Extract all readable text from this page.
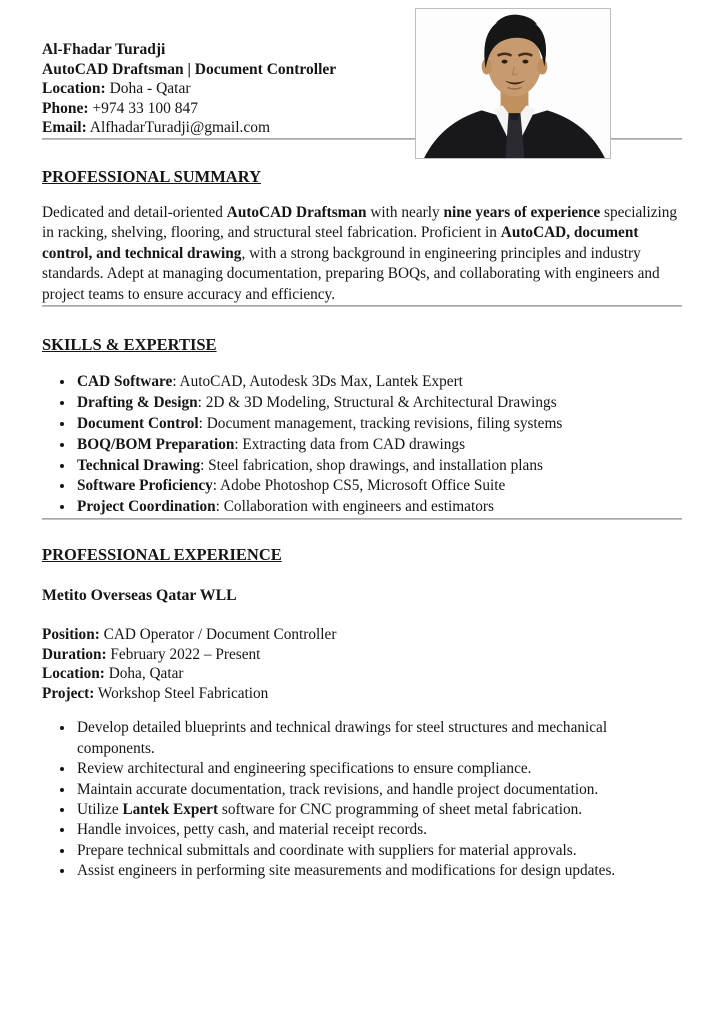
Al-Fhadar Turadji
AutoCAD Draftsman | Document Controller
Location: Doha - Qatar
Phone: +974 33 100 847
Email: AlfhadarTuradji@gmail.com
PROFESSIONAL SUMMARY

Dedicated and detail-oriented AutoCAD Draftsman with nearly nine years of experience specializing in racking, shelving, flooring, and structural steel fabrication. Proficient in AutoCAD, document control, and technical drawing, with a strong background in engineering principles and industry standards. Adept at managing documentation, preparing BOQs, and collaborating with engineers and project teams to ensure accuracy and efficiency.

SKILLS & EXPERTISE
• CAD Software: AutoCAD, Autodesk 3Ds Max, Lantek Expert
• Drafting & Design: 2D & 3D Modeling, Structural & Architectural Drawings
• Document Control: Document management, tracking revisions, filing systems
• BOQ/BOM Preparation: Extracting data from CAD drawings
• Technical Drawing: Steel fabrication, shop drawings, and installation plans
• Software Proficiency: Adobe Photoshop CS5, Microsoft Office Suite
• Project Coordination: Collaboration with engineers and estimators
PROFESSIONAL EXPERIENCE
Metito Overseas Qatar WLL
Position: CAD Operator / Document Controller
Duration: February 2022 – Present
Location: Doha, Qatar
Project: Workshop Steel Fabrication
• Develop detailed blueprints and technical drawings for steel structures and mechanical components.
• Review architectural and engineering specifications to ensure compliance.
• Maintain accurate documentation, track revisions, and handle project documentation.
• Utilize Lantek Expert software for CNC programming of sheet metal fabrication.
• Handle invoices, petty cash, and material receipt records.
• Prepare technical submittals and coordinate with suppliers for material approvals.
• Assist engineers in performing site measurements and modifications for design updates.
